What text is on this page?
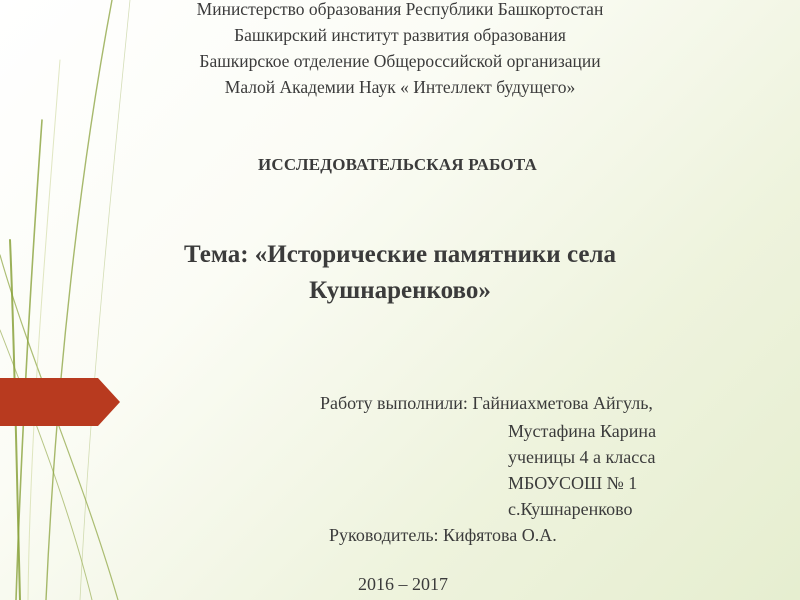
Министерство образования Республики Башкортостан
Башкирский институт развития образования
Башкирское отделение Общероссийской организации
Малой Академии Наук « Интеллект будущего»
ИССЛЕДОВАТЕЛЬСКАЯ РАБОТА
Тема: «Исторические памятники села
Кушнаренково»
Работу выполнили: Гайниахметова Айгуль,
Мустафина Карина
ученицы 4 а класса
МБОУСОШ № 1
с.Кушнаренково
Руководитель: Кифятова О.А.
2016 – 2017
